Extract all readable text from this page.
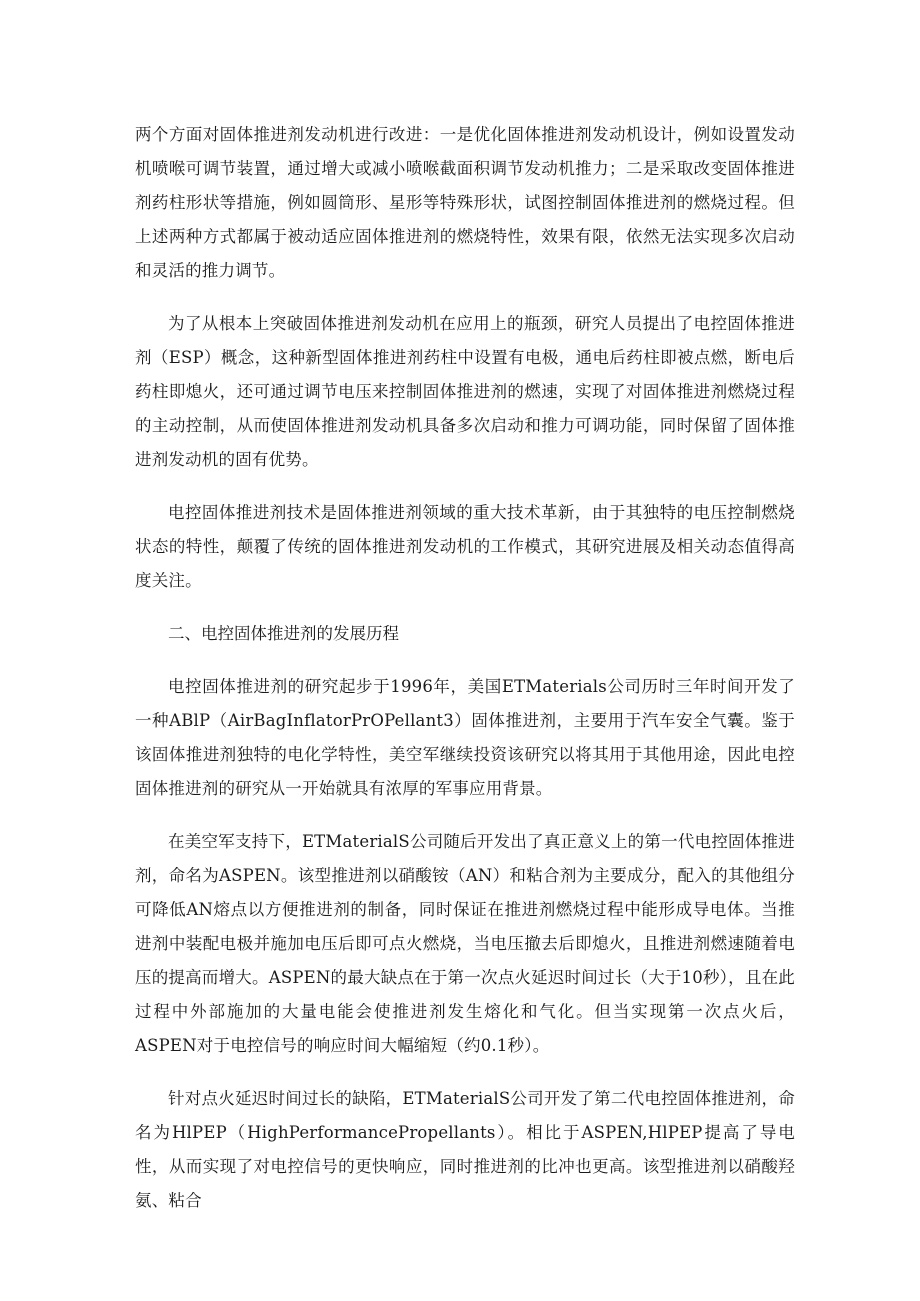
两个方面对固体推进剂发动机进行改进：一是优化固体推进剂发动机设计，例如设置发动机喷喉可调节装置，通过增大或减小喷喉截面积调节发动机推力；二是采取改变固体推进剂药柱形状等措施，例如圆筒形、星形等特殊形状，试图控制固体推进剂的燃烧过程。但上述两种方式都属于被动适应固体推进剂的燃烧特性，效果有限，依然无法实现多次启动和灵活的推力调节。

为了从根本上突破固体推进剂发动机在应用上的瓶颈，研究人员提出了电控固体推进剂（ESP）概念，这种新型固体推进剂药柱中设置有电极，通电后药柱即被点燃，断电后药柱即熄火，还可通过调节电压来控制固体推进剂的燃速，实现了对固体推进剂燃烧过程的主动控制，从而使固体推进剂发动机具备多次启动和推力可调功能，同时保留了固体推进剂发动机的固有优势。

电控固体推进剂技术是固体推进剂领域的重大技术革新，由于其独特的电压控制燃烧状态的特性，颠覆了传统的固体推进剂发动机的工作模式，其研究进展及相关动态值得高度关注。

二、电控固体推进剂的发展历程

电控固体推进剂的研究起步于1996年，美国ETMaterials公司历时三年时间开发了一种ABlP（AirBagInflatorPrOPellant3）固体推进剂，主要用于汽车安全气囊。鉴于该固体推进剂独特的电化学特性，美空军继续投资该研究以将其用于其他用途，因此电控固体推进剂的研究从一开始就具有浓厚的军事应用背景。

在美空军支持下，ETMaterialS公司随后开发出了真正意义上的第一代电控固体推进剂，命名为ASPEN。该型推进剂以硝酸铵（AN）和粘合剂为主要成分，配入的其他组分可降低AN熔点以方便推进剂的制备，同时保证在推进剂燃烧过程中能形成导电体。当推进剂中装配电极并施加电压后即可点火燃烧，当电压撤去后即熄火，且推进剂燃速随着电压的提高而增大。ASPEN的最大缺点在于第一次点火延迟时间过长（大于10秒），且在此过程中外部施加的大量电能会使推进剂发生熔化和气化。但当实现第一次点火后，ASPEN对于电控信号的响应时间大幅缩短（约0.1秒）。

针对点火延迟时间过长的缺陷，ETMaterialS公司开发了第二代电控固体推进剂，命名为HlPEP（HighPerformancePropellants）。相比于ASPEN,HlPEP提高了导电性，从而实现了对电控信号的更快响应，同时推进剂的比冲也更高。该型推进剂以硝酸羟氨、粘合
